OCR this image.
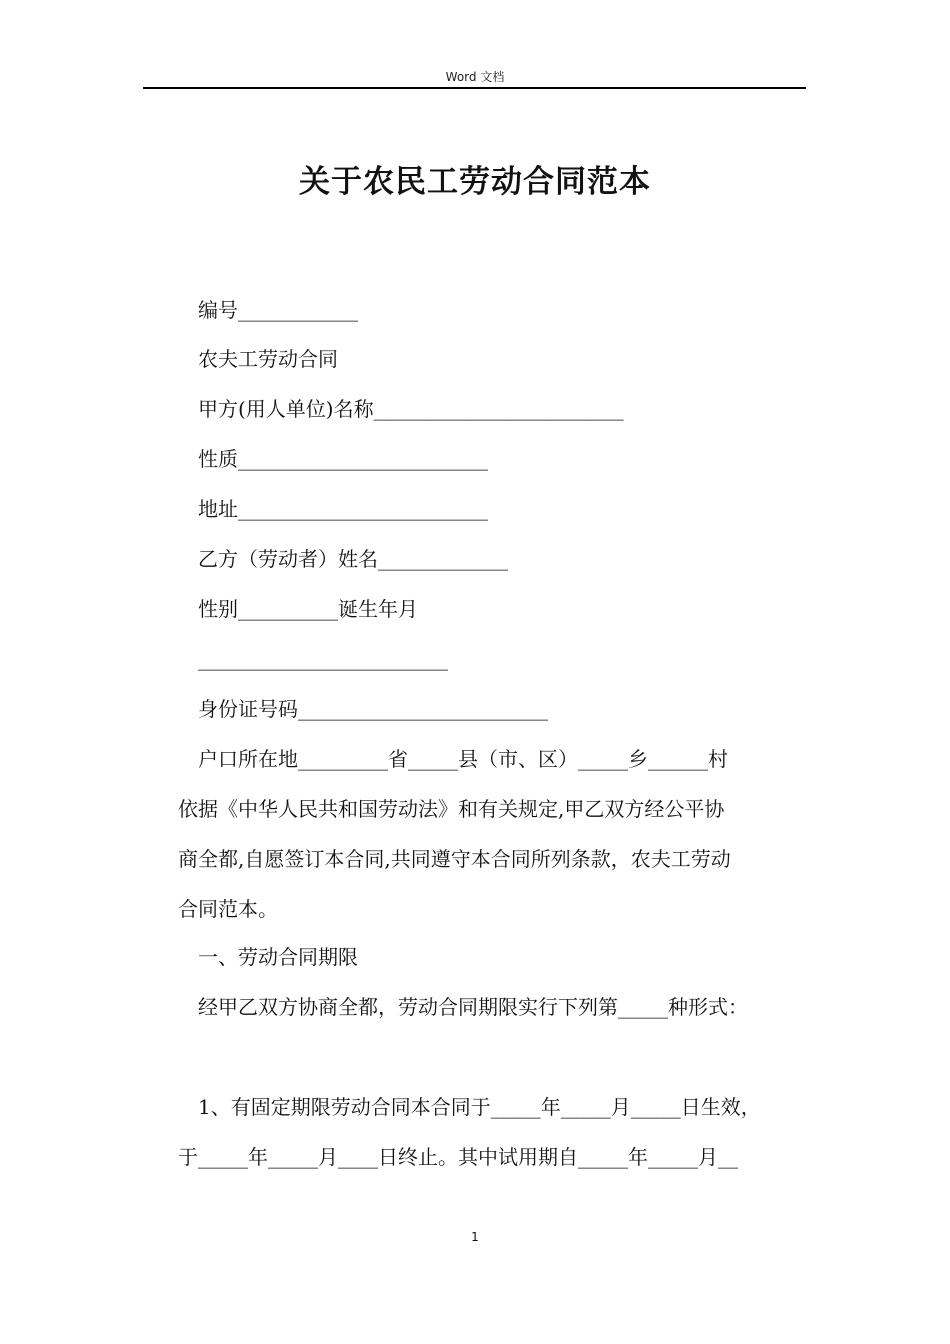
Word 文档
关于农民工劳动合同范本
编号____________
农夫工劳动合同
甲方(用人单位)名称_________________________
性质_________________________
地址_________________________
乙方（劳动者）姓名_____________
性别__________诞生年月
_________________________
身份证号码_________________________
户口所在地_________省_____县（市、区）_____乡______村
依据《中华人民共和国劳动法》和有关规定,甲乙双方经公平协
商全都,自愿签订本合同,共同遵守本合同所列条款，农夫工劳动
合同范本。
一、劳动合同期限
经甲乙双方协商全都，劳动合同期限实行下列第_____种形式：
1、有固定期限劳动合同本合同于_____年_____月_____日生效，
于_____年_____月____日终止。其中试用期自_____年_____月__
1
